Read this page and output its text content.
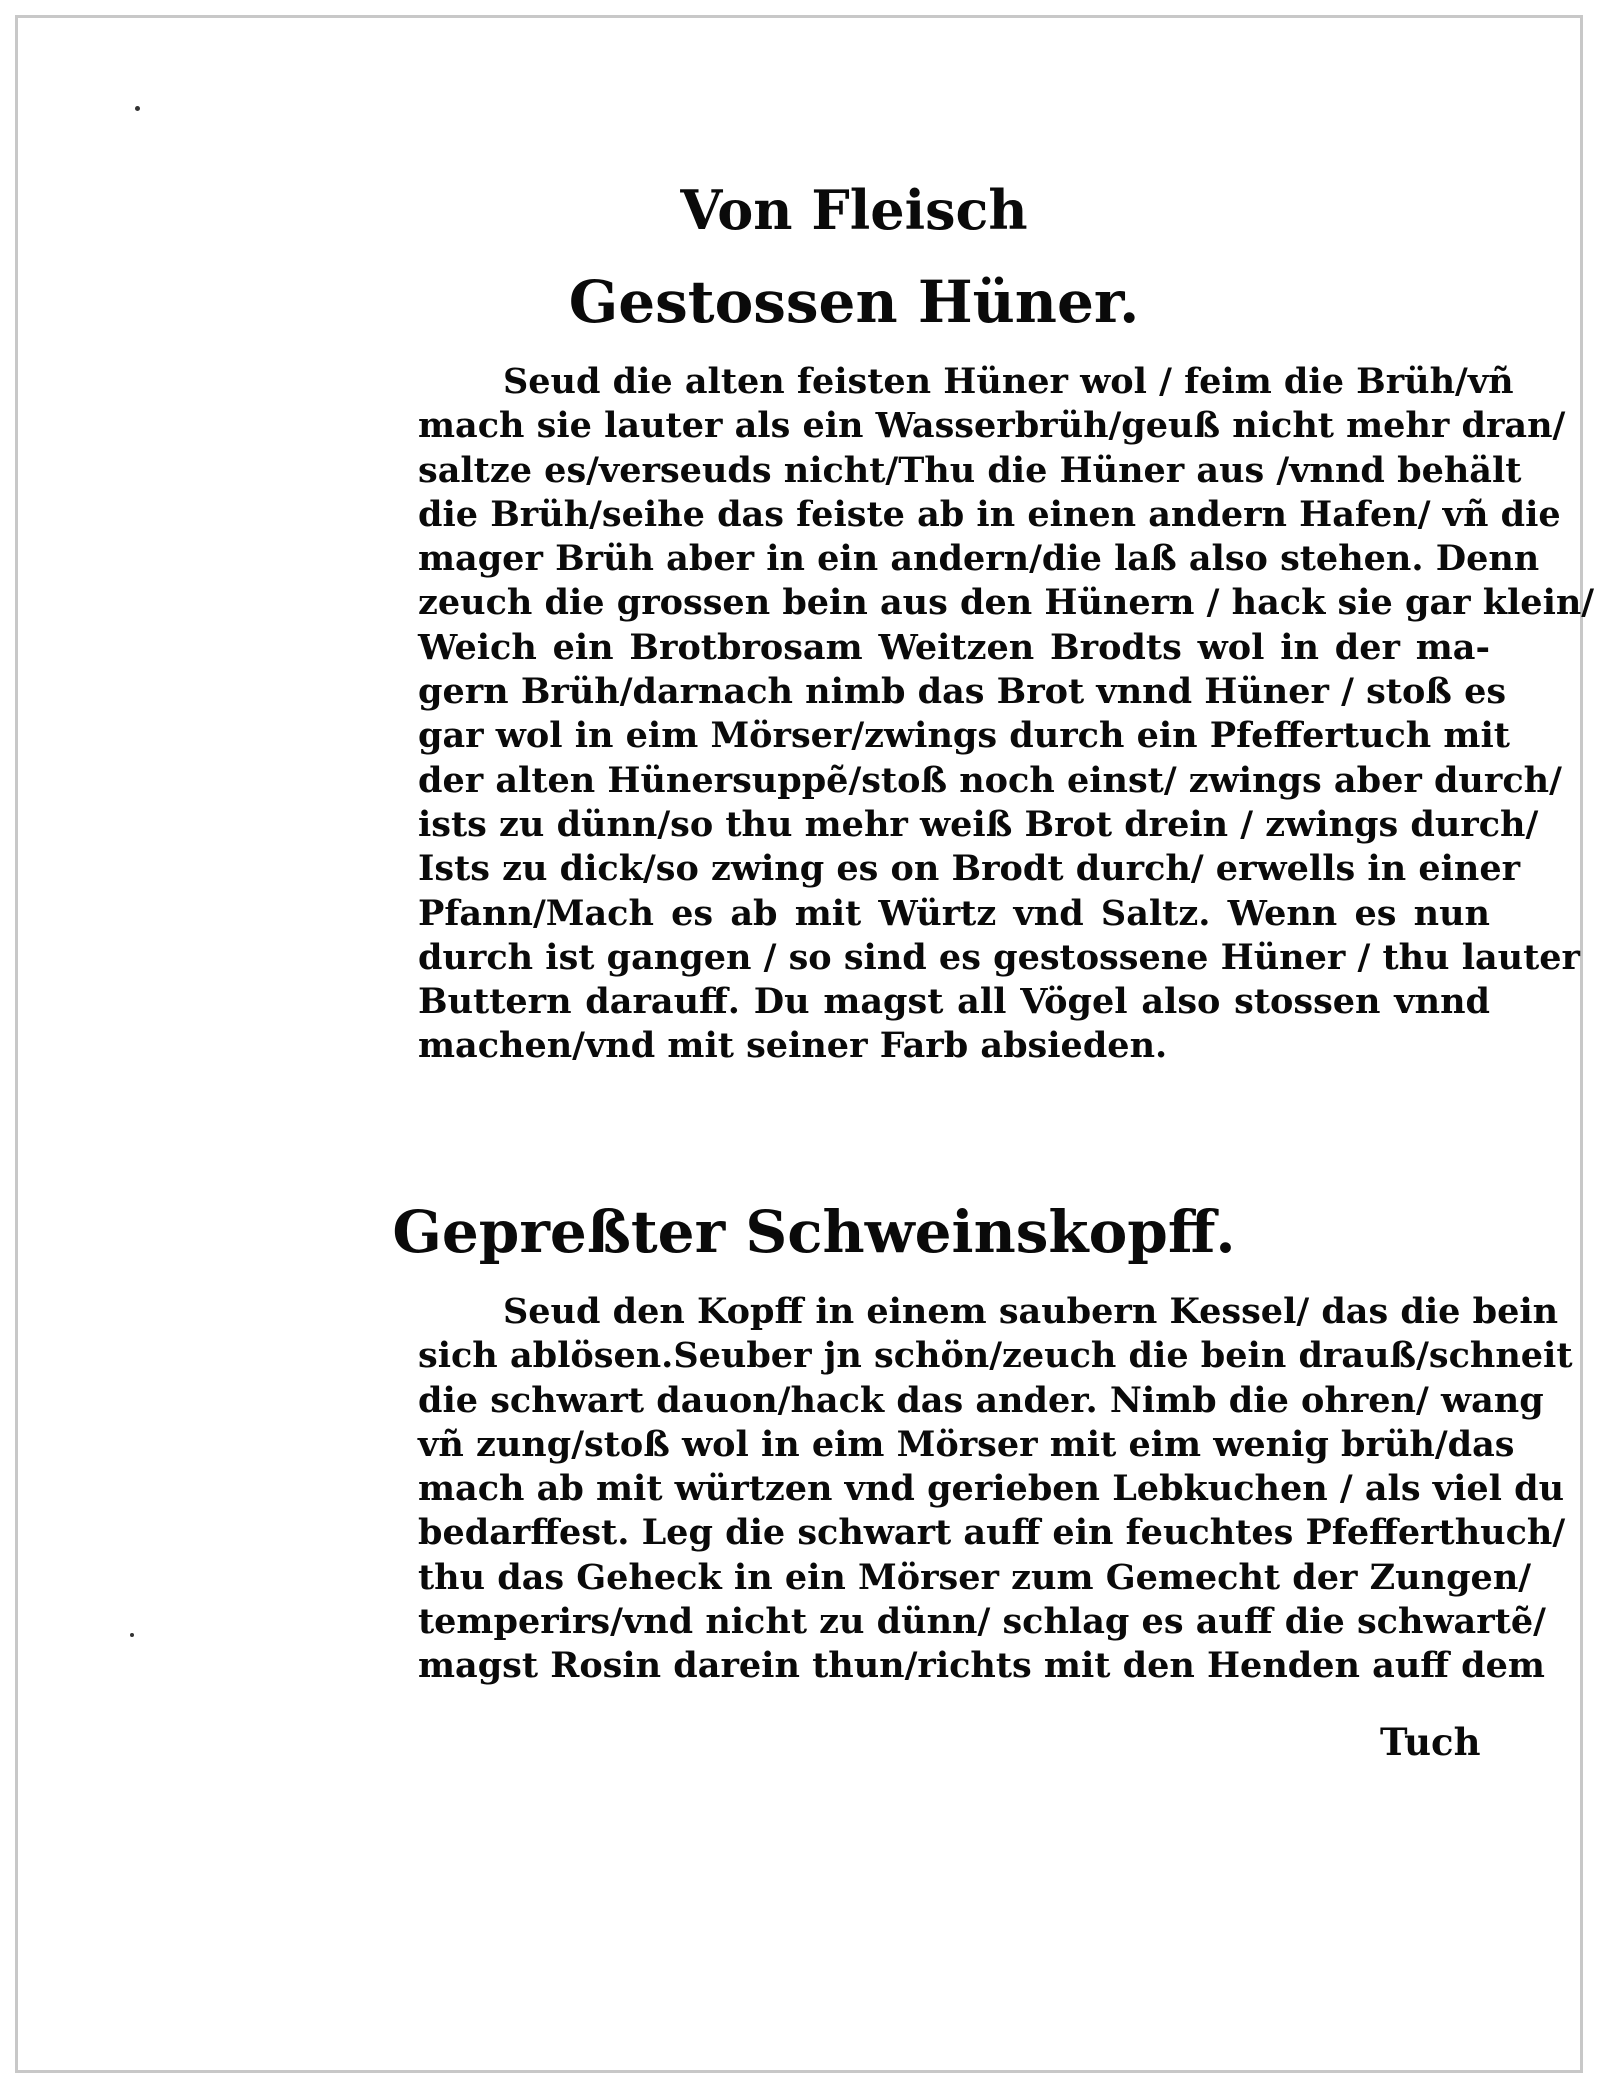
Von Fleisch
Gestossen Hüner.
Seud die alten feisten Hüner wol / feim die Brüh/vñ
mach sie lauter als ein Wasserbrüh/geuß nicht mehr dran/
saltze es/verseuds nicht/Thu die Hüner aus /vnnd behält
die Brüh/seihe das feiste ab in einen andern Hafen/ vñ die
mager Brüh aber in ein andern/die laß also stehen. Denn
zeuch die grossen bein aus den Hünern / hack sie gar klein/
Weich ein Brotbrosam Weitzen Brodts wol in der ma-
gern Brüh/darnach nimb das Brot vnnd Hüner / stoß es
gar wol in eim Mörser/zwings durch ein Pfeffertuch mit
der alten Hünersuppẽ/stoß noch einst/ zwings aber durch/
ists zu dünn/so thu mehr weiß Brot drein / zwings durch/
Ists zu dick/so zwing es on Brodt durch/ erwells in einer
Pfann/Mach es ab mit Würtz vnd Saltz. Wenn es nun
durch ist gangen / so sind es gestossene Hüner / thu lauter
Buttern darauff. Du magst all Vögel also stossen vnnd
machen/vnd mit seiner Farb absieden.
Gepreßter Schweinskopff.
Seud den Kopff in einem saubern Kessel/ das die bein
sich ablösen.Seuber jn schön/zeuch die bein drauß/schneit
die schwart dauon/hack das ander. Nimb die ohren/ wang
vñ zung/stoß wol in eim Mörser mit eim wenig brüh/das
mach ab mit würtzen vnd gerieben Lebkuchen / als viel du
bedarffest. Leg die schwart auff ein feuchtes Pfefferthuch/
thu das Geheck in ein Mörser zum Gemecht der Zungen/
temperirs/vnd nicht zu dünn/ schlag es auff die schwartẽ/
magst Rosin darein thun/richts mit den Henden auff dem
Tuch
